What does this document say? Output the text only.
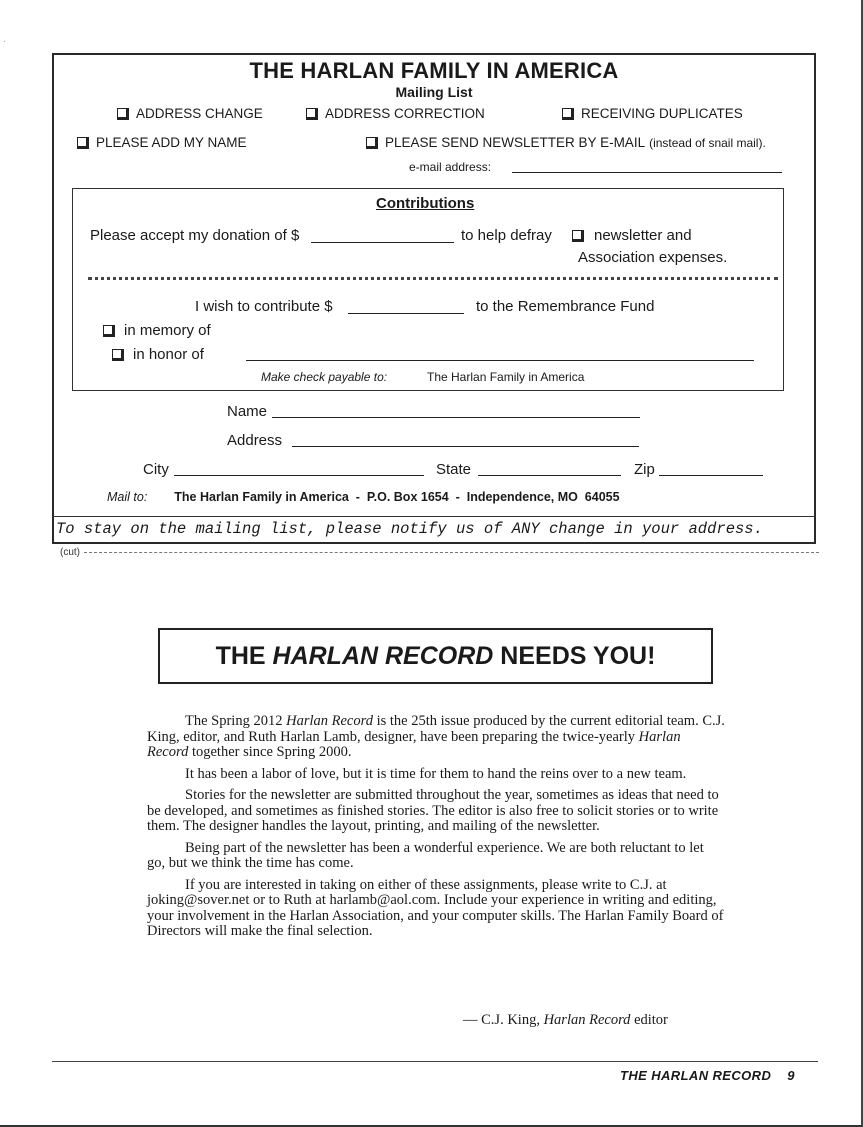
·
THE HARLAN FAMILY IN AMERICA
Mailing List
ADDRESS CHANGE	ADDRESS CORRECTION	RECEIVING DUPLICATES
PLEASE ADD MY NAME	PLEASE SEND NEWSLETTER BY E-MAIL (instead of snail mail).
e-mail address:
Contributions
Please accept my donation of $	to help defray	newsletter and
Association expenses.
I wish to contribute $	to the Remembrance Fund
in memory of
in honor of
Make check payable to:	The Harlan Family in America
Name
Address
City	State	Zip
Mail to: The Harlan Family in America  -  P.O. Box 1654  -  Independence, MO  64055
To stay on the mailing list, please notify us of ANY change in your address.
(cut)
THE HARLAN RECORD NEEDS YOU!

The Spring 2012 Harlan Record is the 25th issue produced by the current editorial team. C.J. King, editor, and Ruth Harlan Lamb, designer, have been preparing the twice-yearly Harlan Record together since Spring 2000.

It has been a labor of love, but it is time for them to hand the reins over to a new team.

Stories for the newsletter are submitted throughout the year, sometimes as ideas that need to be developed, and sometimes as finished stories. The editor is also free to solicit stories or to write them. The designer handles the layout, printing, and mailing of the newsletter.

Being part of the newsletter has been a wonderful experience. We are both reluctant to let go, but we think the time has come.

If you are interested in taking on either of these assignments, please write to C.J. at joking@sover.net or to Ruth at harlamb@aol.com. Include your experience in writing and editing, your involvement in the Harlan Association, and your computer skills. The Harlan Family Board of Directors will make the final selection.

— C.J. King, Harlan Record editor
THE HARLAN RECORD 9
